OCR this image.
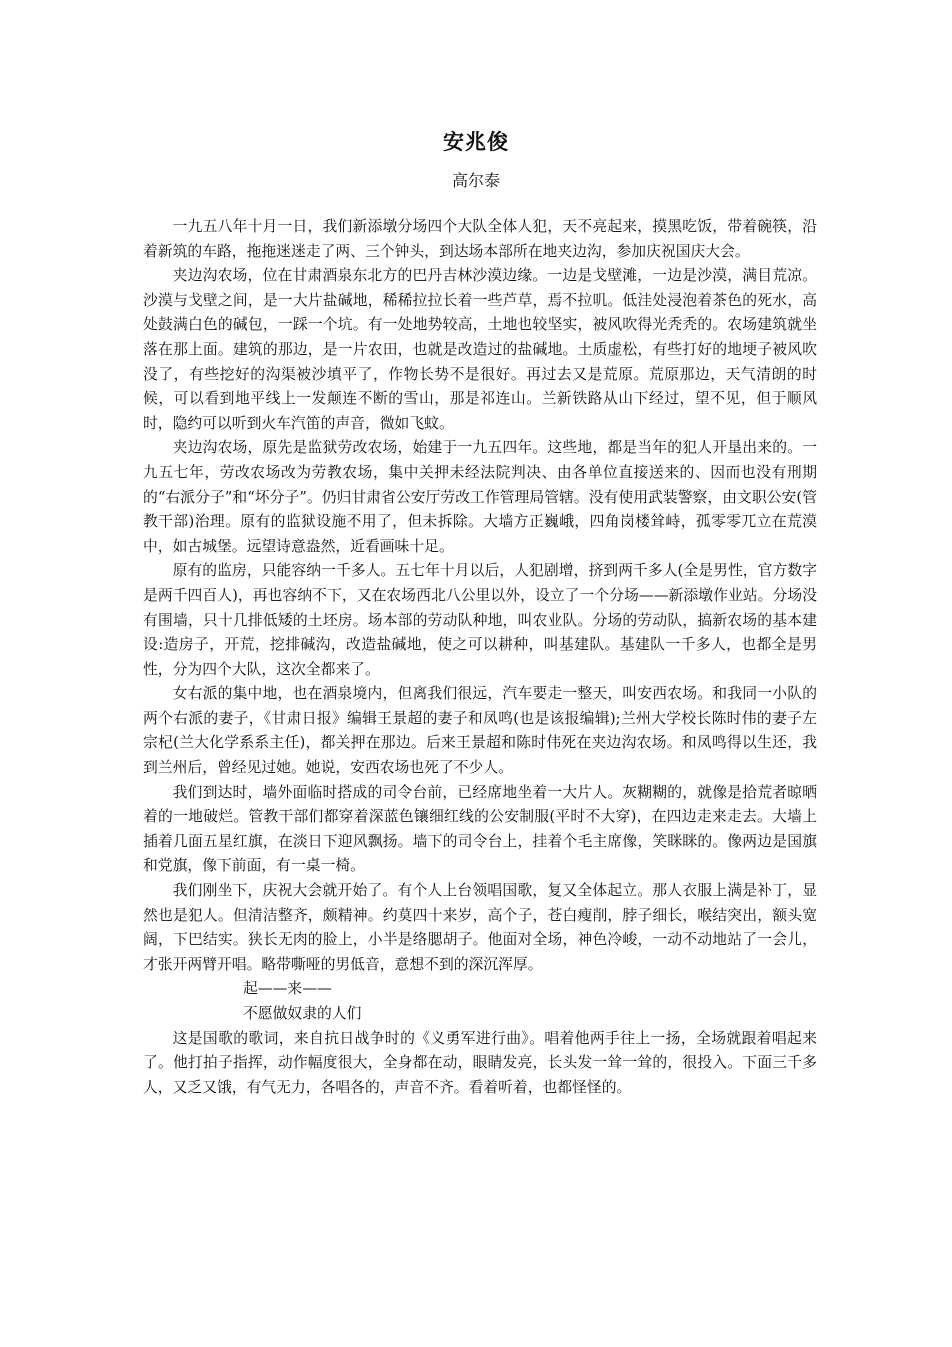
安兆俊
高尔泰

一九五八年十月一日，我们新添墩分场四个大队全体人犯，天不亮起来，摸黑吃饭，带着碗筷，沿着新筑的车路，拖拖迷迷走了两、三个钟头，到达场本部所在地夹边沟，参加庆祝国庆大会。

夹边沟农场，位在甘肃酒泉东北方的巴丹吉林沙漠边缘。一边是戈壁滩，一边是沙漠，满目荒凉。沙漠与戈壁之间，是一大片盐碱地，稀稀拉拉长着一些芦草，焉不拉叽。低洼处浸泡着茶色的死水，高处鼓满白色的碱包，一踩一个坑。有一处地势较高，土地也较坚实，被风吹得光秃秃的。农场建筑就坐落在那上面。建筑的那边，是一片农田，也就是改造过的盐碱地。土质虚松，有些打好的地埂子被风吹没了，有些挖好的沟渠被沙填平了，作物长势不是很好。再过去又是荒原。荒原那边，天气清朗的时候，可以看到地平线上一发颠连不断的雪山，那是祁连山。兰新铁路从山下经过，望不见，但于顺风时，隐约可以听到火车汽笛的声音，微如飞蚊。

夹边沟农场，原先是监狱劳改农场，始建于一九五四年。这些地，都是当年的犯人开垦出来的。一九五七年，劳改农场改为劳教农场，集中关押未经法院判决、由各单位直接送来的、因而也没有刑期的“右派分子”和“坏分子”。仍归甘肃省公安厅劳改工作管理局管辖。没有使用武装警察，由文职公安(管教干部)治理。原有的监狱设施不用了，但未拆除。大墙方正巍峨，四角岗楼耸峙，孤零零兀立在荒漠中，如古城堡。远望诗意盎然，近看画味十足。

原有的监房，只能容纳一千多人。五七年十月以后，人犯剧增，挤到两千多人(全是男性，官方数字是两千四百人)，再也容纳不下，又在农场西北八公里以外，设立了一个分场——新添墩作业站。分场没有围墙，只十几排低矮的土坯房。场本部的劳动队种地，叫农业队。分场的劳动队，搞新农场的基本建设:造房子，开荒，挖排碱沟，改造盐碱地，使之可以耕种，叫基建队。基建队一千多人，也都全是男性，分为四个大队，这次全都来了。

女右派的集中地，也在酒泉境内，但离我们很远，汽车要走一整天，叫安西农场。和我同一小队的两个右派的妻子，《甘肃日报》编辑王景超的妻子和凤鸣(也是该报编辑);兰州大学校长陈时伟的妻子左宗杞(兰大化学系系主任)，都关押在那边。后来王景超和陈时伟死在夹边沟农场。和凤鸣得以生还，我到兰州后，曾经见过她。她说，安西农场也死了不少人。

我们到达时，墙外面临时搭成的司令台前，已经席地坐着一大片人。灰糊糊的，就像是拾荒者晾晒着的一地破烂。管教干部们都穿着深蓝色镶细红线的公安制服(平时不大穿)，在四边走来走去。大墙上插着几面五星红旗，在淡日下迎风飘扬。墙下的司令台上，挂着个毛主席像，笑眯眯的。像两边是国旗和党旗，像下前面，有一桌一椅。

我们刚坐下，庆祝大会就开始了。有个人上台领唱国歌，复又全体起立。那人衣服上满是补丁，显然也是犯人。但清洁整齐，颇精神。约莫四十来岁，高个子，苍白瘦削，脖子细长，喉结突出，额头宽阔，下巴结实。狭长无肉的脸上，小半是络腮胡子。他面对全场，神色冷峻，一动不动地站了一会儿，才张开两臂开唱。略带嘶哑的男低音，意想不到的深沉浑厚。

起——来——

不愿做奴隶的人们

这是国歌的歌词，来自抗日战争时的《义勇军进行曲》。唱着他两手往上一扬，全场就跟着唱起来了。他打拍子指挥，动作幅度很大，全身都在动，眼睛发亮，长头发一耸一耸的，很投入。下面三千多人，又乏又饿，有气无力，各唱各的，声音不齐。看着听着，也都怪怪的。
